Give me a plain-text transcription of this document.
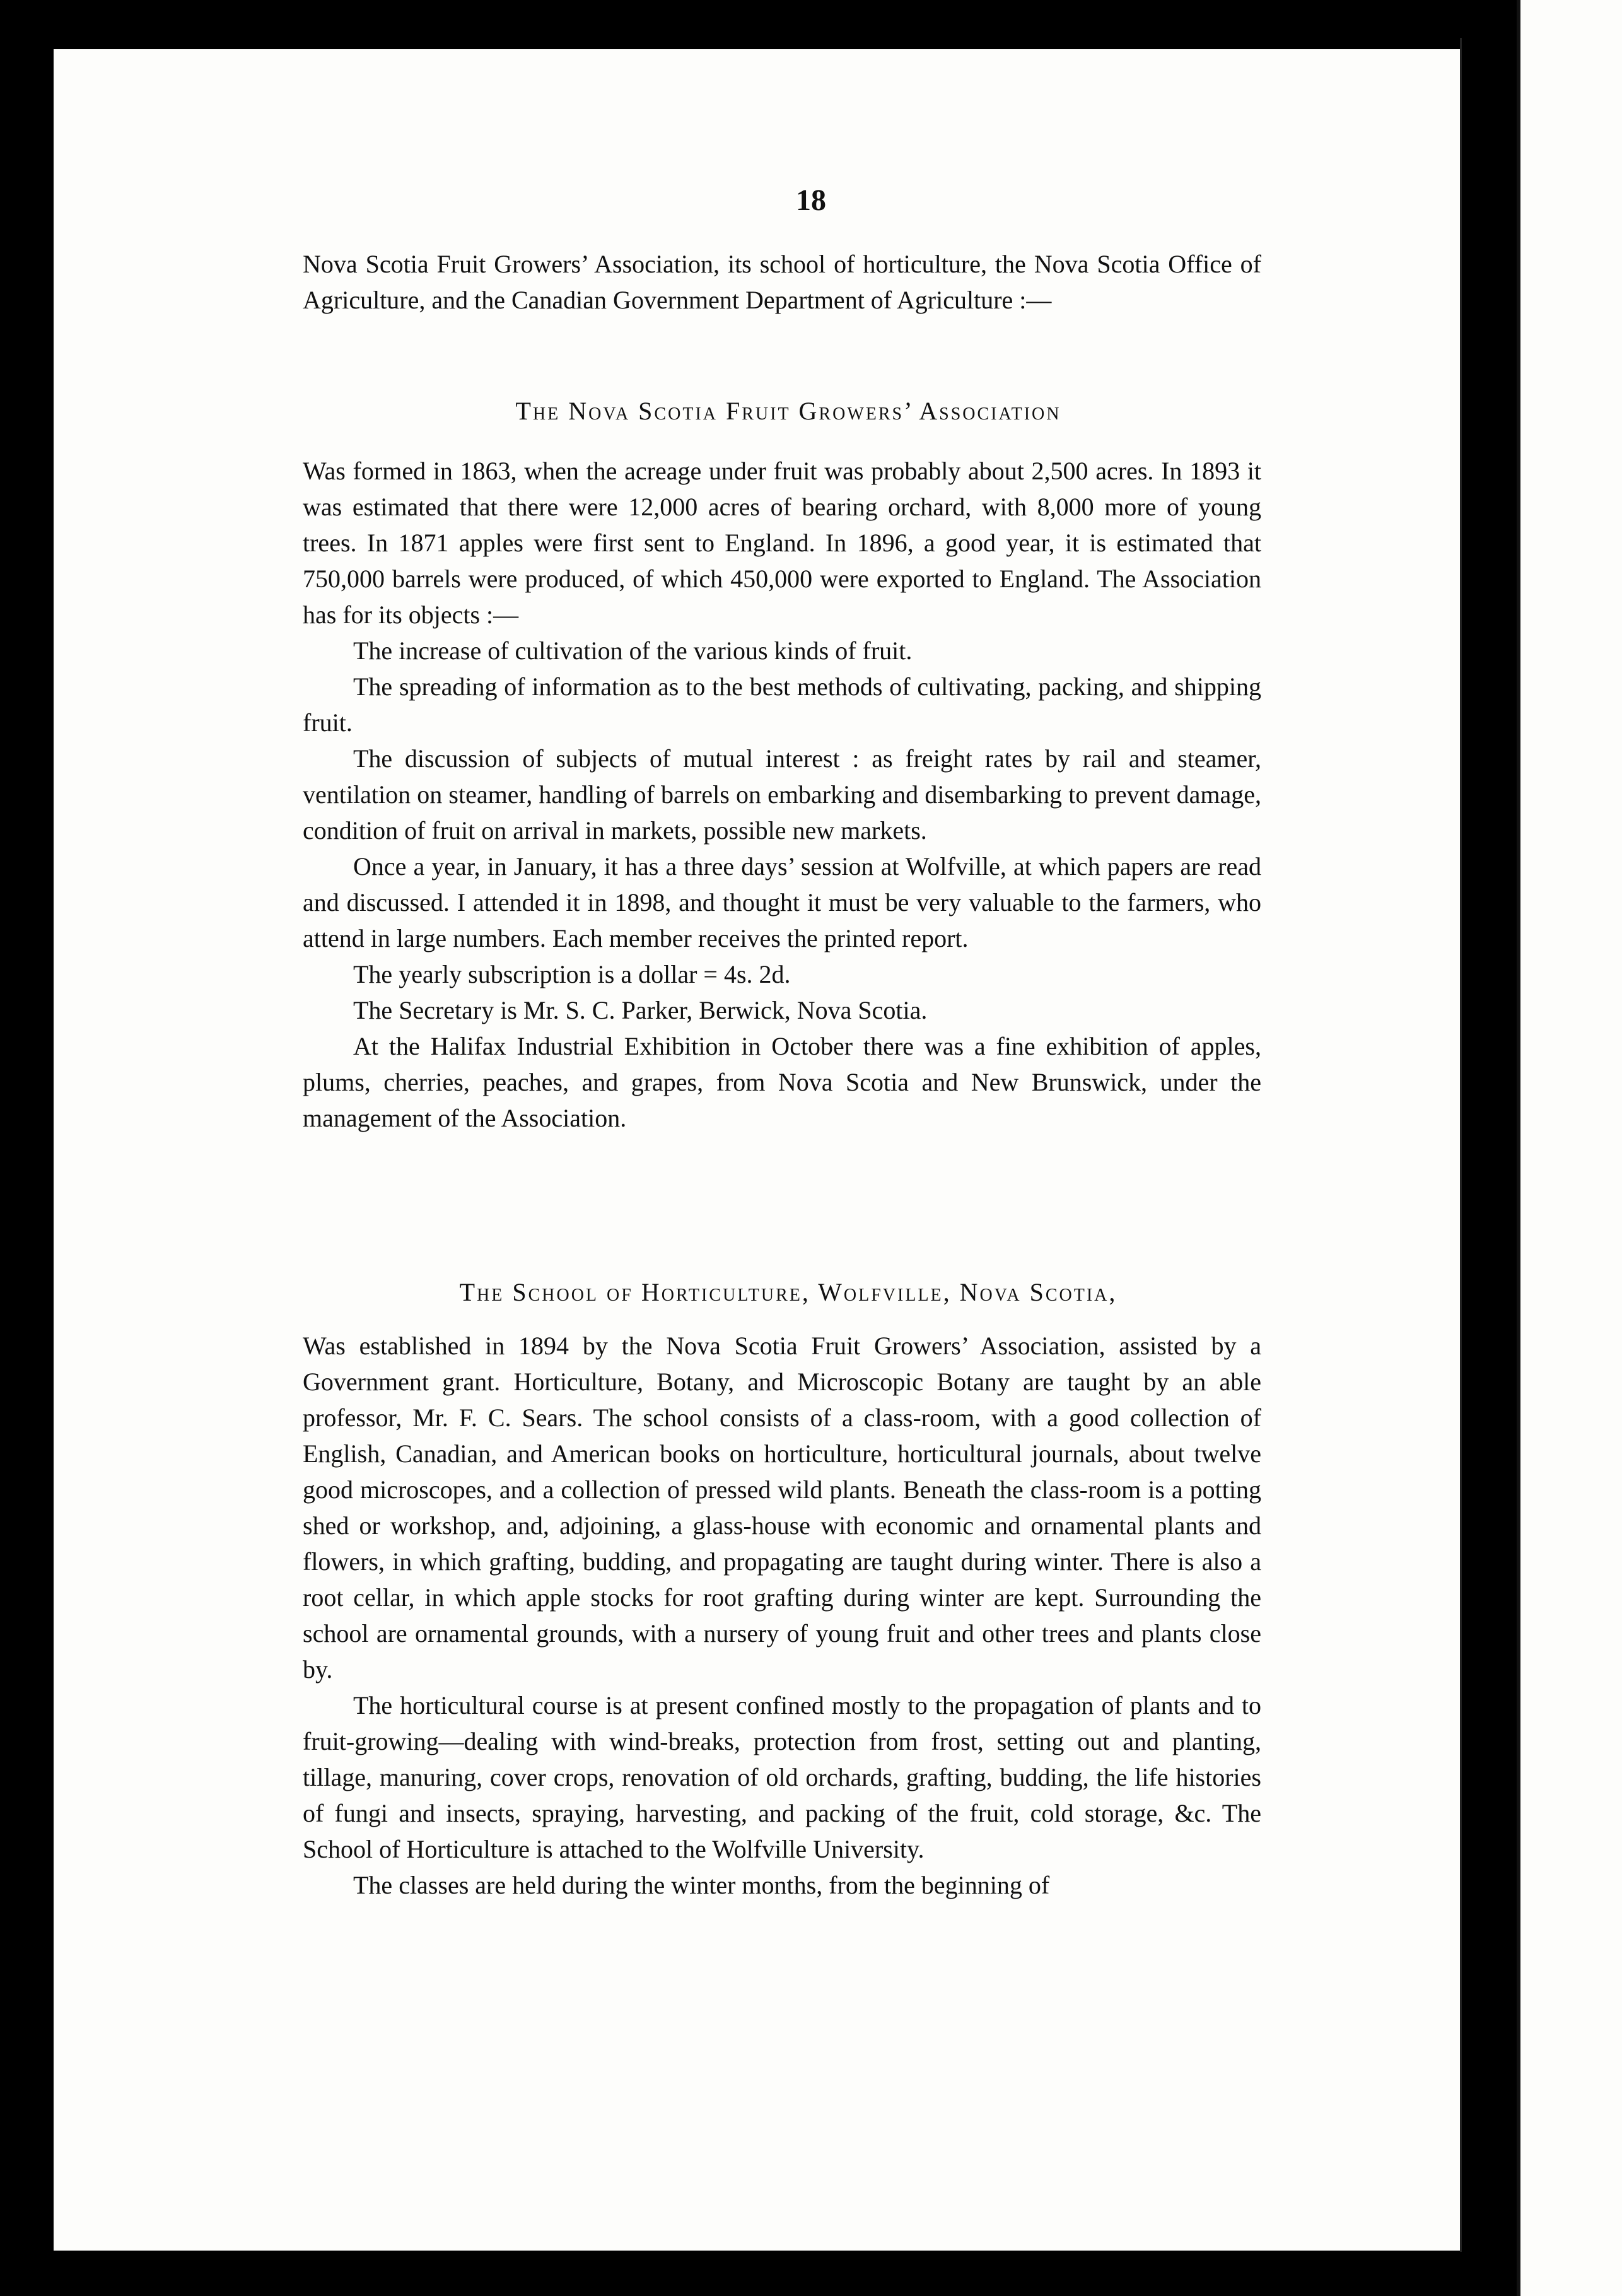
18

Nova Scotia Fruit Growers’ Association, its school of horticulture, the Nova Scotia Office of Agriculture, and the Canadian Government Department of Agriculture :—

The Nova Scotia Fruit Growers’ Association

Was formed in 1863, when the acreage under fruit was probably about 2,500 acres. In 1893 it was estimated that there were 12,000 acres of bearing orchard, with 8,000 more of young trees. In 1871 apples were first sent to England. In 1896, a good year, it is estimated that 750,000 barrels were produced, of which 450,000 were exported to England. The Association has for its objects :—

The increase of cultivation of the various kinds of fruit.

The spreading of information as to the best methods of cultivating, packing, and shipping fruit.

The discussion of subjects of mutual interest : as freight rates by rail and steamer, ventilation on steamer, handling of barrels on embarking and disembarking to prevent damage, condition of fruit on arrival in markets, possible new markets.

Once a year, in January, it has a three days’ session at Wolfville, at which papers are read and discussed. I attended it in 1898, and thought it must be very valuable to the farmers, who attend in large numbers. Each member receives the printed report.

The yearly subscription is a dollar = 4s. 2d.

The Secretary is Mr. S. C. Parker, Berwick, Nova Scotia.

At the Halifax Industrial Exhibition in October there was a fine exhibition of apples, plums, cherries, peaches, and grapes, from Nova Scotia and New Brunswick, under the management of the Association.

The School of Horticulture, Wolfville, Nova Scotia,

Was established in 1894 by the Nova Scotia Fruit Growers’ Association, assisted by a Government grant. Horticulture, Botany, and Microscopic Botany are taught by an able professor, Mr. F. C. Sears. The school consists of a class-room, with a good collection of English, Canadian, and American books on horticulture, horticultural journals, about twelve good microscopes, and a collection of pressed wild plants. Beneath the class-room is a potting shed or workshop, and, adjoining, a glass-house with economic and ornamental plants and flowers, in which grafting, budding, and propagating are taught during winter. There is also a root cellar, in which apple stocks for root grafting during winter are kept. Surrounding the school are ornamental grounds, with a nursery of young fruit and other trees and plants close by.

The horticultural course is at present confined mostly to the propagation of plants and to fruit-growing—dealing with wind-breaks, protection from frost, setting out and planting, tillage, manuring, cover crops, renovation of old orchards, grafting, budding, the life histories of fungi and insects, spraying, harvesting, and packing of the fruit, cold storage, &c. The School of Horticulture is attached to the Wolfville University.

The classes are held during the winter months, from the beginning of
